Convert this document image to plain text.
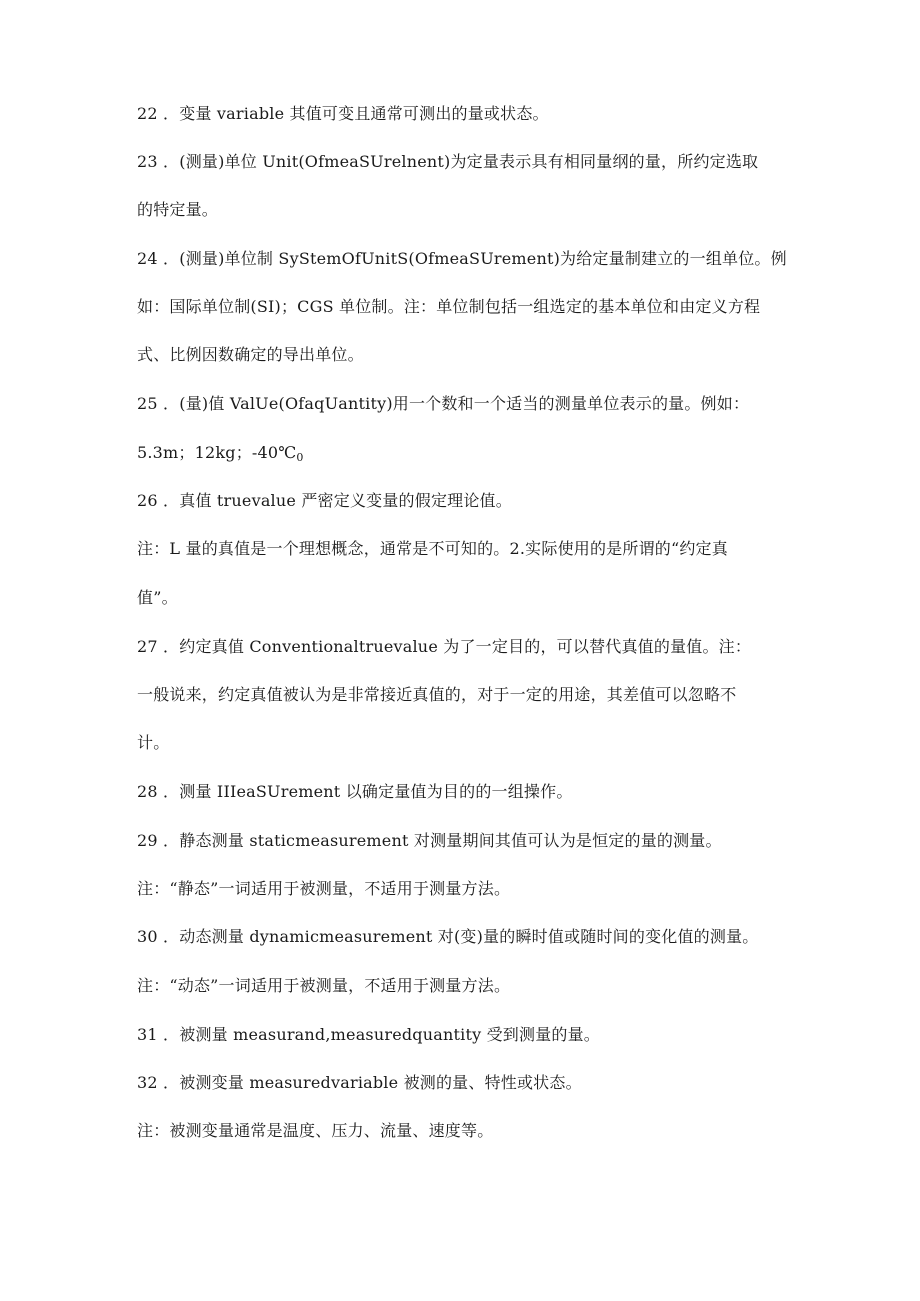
22 ．变量 variable 其值可变且通常可测出的量或状态。
23 ．(测量)单位 Unit(OfmeaSUrelnent)为定量表示具有相同量纲的量，所约定选取
的特定量。
24 ．(测量)单位制 SyStemOfUnitS(OfmeaSUrement)为给定量制建立的一组单位。例
如：国际单位制(SI)；CGS 单位制。注：单位制包括一组选定的基本单位和由定义方程
式、比例因数确定的导出单位。
25 ．(量)值 ValUe(OfaqUantity)用一个数和一个适当的测量单位表示的量。例如：
5.3m；12kg；$-40℃_0$
26 ．真值 truevalue 严密定义变量的假定理论值。
注：L 量的真值是一个理想概念，通常是不可知的。2.实际使用的是所谓的“约定真
值”。
27 ．约定真值 Conventionaltruevalue 为了一定目的，可以替代真值的量值。注：
一般说来，约定真值被认为是非常接近真值的，对于一定的用途，其差值可以忽略不
计。
28 ．测量 IIIeaSUrement 以确定量值为目的的一组操作。
29 ．静态测量 staticmeasurement 对测量期间其值可认为是恒定的量的测量。
注：“静态”一词适用于被测量，不适用于测量方法。
30 ．动态测量 dynamicmeasurement 对(变)量的瞬时值或随时间的变化值的测量。
注：“动态”一词适用于被测量，不适用于测量方法。
31 ．被测量 measurand,measuredquantity 受到测量的量。
32 ．被测变量 measuredvariable 被测的量、特性或状态。
注：被测变量通常是温度、压力、流量、速度等。
